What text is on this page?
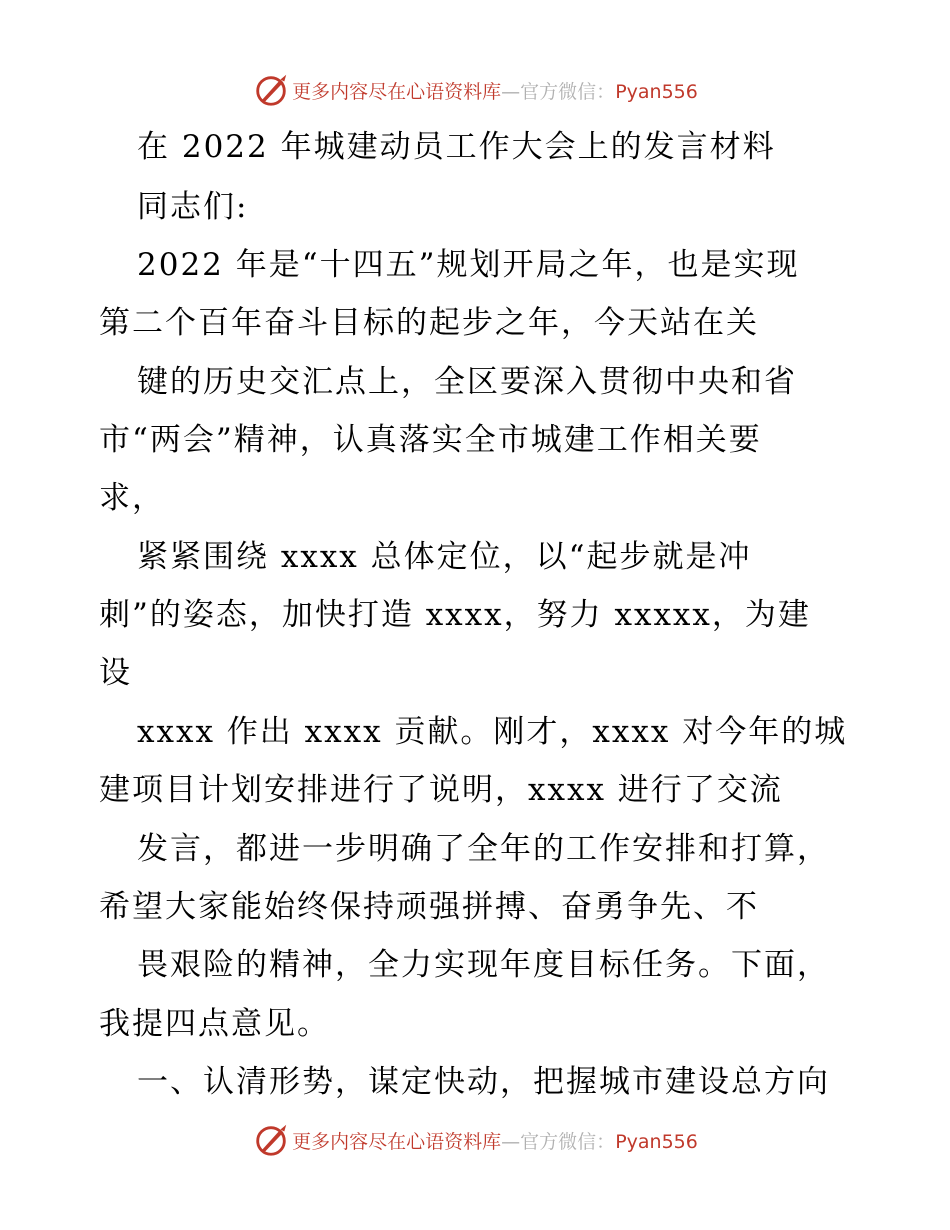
更多内容尽在心语资料库—官方微信：Pyan556
在 2022 年城建动员工作大会上的发言材料
同志们:
2022 年是“十四五”规划开局之年，也是实现
第二个百年奋斗目标的起步之年，今天站在关
键的历史交汇点上，全区要深入贯彻中央和省
市“两会”精神，认真落实全市城建工作相关要
求，
紧紧围绕 xxxx 总体定位，以“起步就是冲
刺”的姿态，加快打造 xxxx，努力 xxxxx，为建
设
xxxx 作出 xxxx 贡献。刚才，xxxx 对今年的城
建项目计划安排进行了说明，xxxx 进行了交流
发言，都进一步明确了全年的工作安排和打算，
希望大家能始终保持顽强拼搏、奋勇争先、不
畏艰险的精神，全力实现年度目标任务。下面，
我提四点意见。
一、认清形势，谋定快动，把握城市建设总方向
更多内容尽在心语资料库—官方微信：Pyan556
